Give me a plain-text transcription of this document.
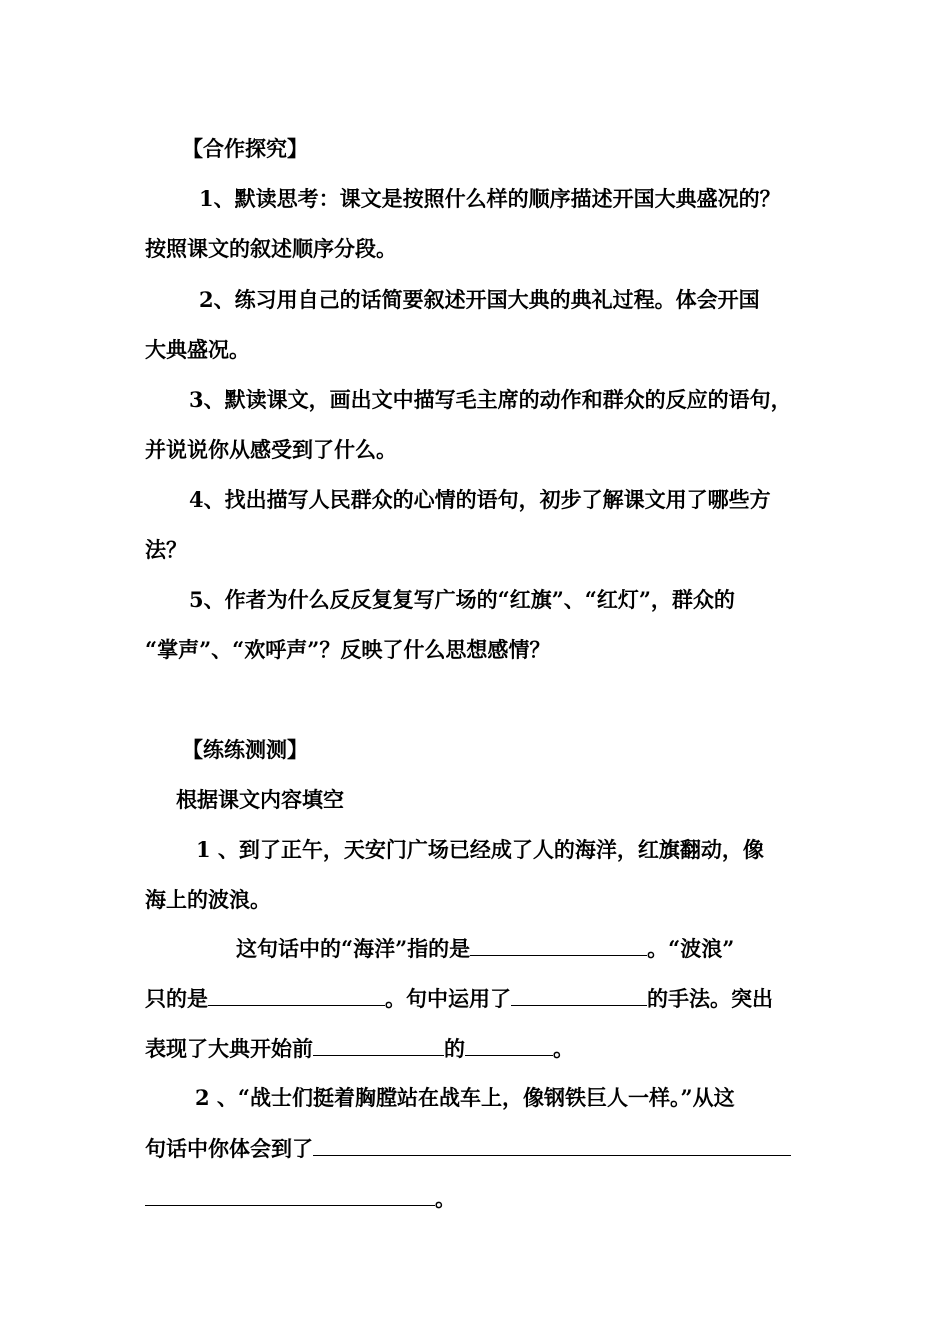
【合作探究】
1、默读思考：课文是按照什么样的顺序描述开国大典盛况的？
按照课文的叙述顺序分段。
2、练习用自己的话简要叙述开国大典的典礼过程。体会开国
大典盛况。
3、默读课文，画出文中描写毛主席的动作和群众的反应的语句，
并说说你从感受到了什么。
4、找出描写人民群众的心情的语句，初步了解课文用了哪些方
法？
5、作者为什么反反复复写广场的“红旗”、“红灯”，群众的
“掌声”、“欢呼声”？反映了什么思想感情？
【练练测测】
根据课文内容填空
1 、到了正午，天安门广场已经成了人的海洋，红旗翻动，像
海上的波浪。
这句话中的“海洋”指的是	。“波浪”
只的是	。句中运用了	的手法。突出
表现了大典开始前	的	。
2 、“战士们挺着胸膛站在战车上，像钢铁巨人一样。”从这
句话中你体会到了
。
